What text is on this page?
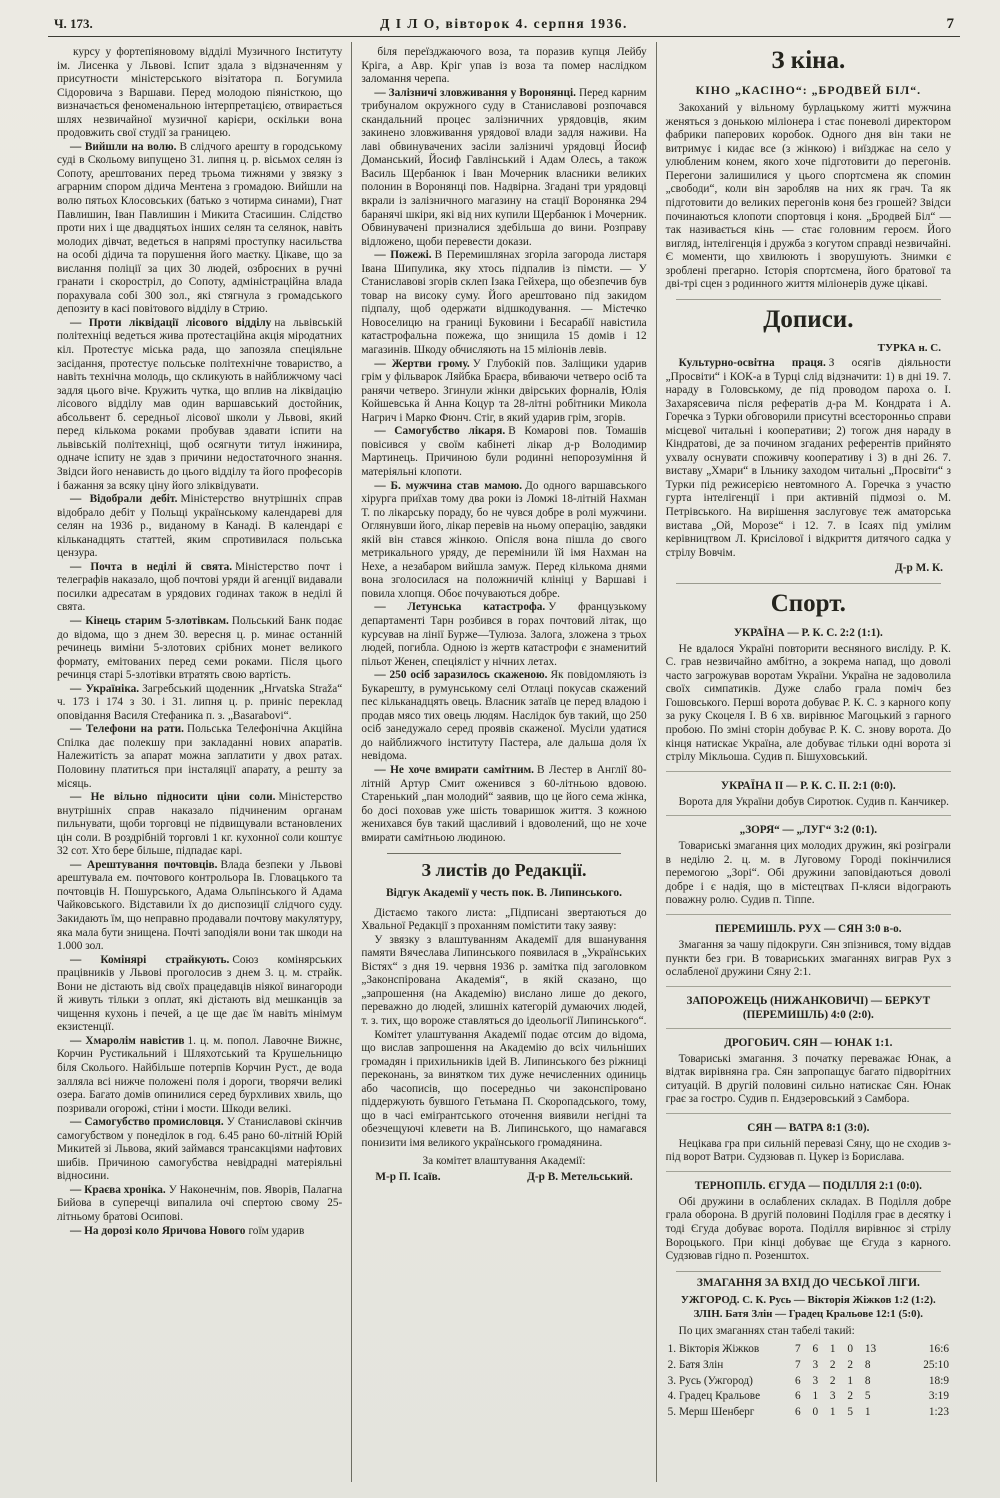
Ч. 173.	Д І Л О, вівторок 4. серпня 1936.	7

курсу у фортепіяновому відділі Музичного Інституту ім. Лисенка у Львові. Іспит здала з відзначенням у присутности міністерського візітатора п. Богумила Сідоровича з Варшави. Перед молодою піяністкою, що визначається феноменальною інтерпретацією, отвирається шлях незвичайної музичної карієри, оскільки вона продовжить свої студії за границею.

— Вийшли на волю. В слідчого арешту в городському суді в Скольому випущено 31. липня ц. р. вісьмох селян із Сопоту, арештованих перед трьома тижнями у звязку з аграрним спором дідича Ментена з громадою. Вийшли на волю пятьох Клосовських (батько з чотирма синами), Гнат Павлишин, Іван Павлишин і Микита Стасишин. Слідство проти них і ще двадцятьох інших селян та селянок, навіть молодих дівчат, ведеться в напрямі проступку насильства на особі дідича та порушення його маєтку. Цікаве, що за вислання поліції за цих 30 людей, озброєних в ручні гранати і скоростріл, до Сопоту, адміністраційна влада порахувала собі 300 зол., які стягнула з громадського депозиту в касі повітового відділу в Стрию.

— Проти ліквідації лісового відділу на львівській політехніці ведеться жива протестаційна акція міродатних кіл. Протестує міська рада, що запозяла спеціяльне засідання, протестує польське політехнічне товариство, а навіть технічна молодь, що скликують в найближчому часі задля цього віче. Кружить чутка, що вплив на ліквідацію лісового відділу мав один варшавський достойник, абсольвент б. середньої лісової школи у Львові, який перед кількома роками пробував здавати іспити на львівській політехніці, щоб осягнути титул інжинира, одначе іспиту не здав з причини недостаточного знання. Звідси його ненависть до цього відділу та його професорів і бажання за всяку ціну його зліквідувати.

— Відобрали дебіт. Міністерство внутрішніх справ відобрало дебіт у Польщі українському календареві для селян на 1936 р., виданому в Канаді. В календарі є кільканадцять статтей, яким спротивилася польська цензура.

— Почта в неділі й свята. Міністерство почт і телеграфів наказало, щоб почтові уряди й агенції видавали посилки адресатам в урядових годинах також в неділі й свята.

— Кінець старим 5-злотівкам. Польський Банк подає до відома, що з днем 30. вересня ц. р. минає останній речинець виміни 5-злотових срібних монет великого формату, емітованих перед семи роками. Після цього речинця старі 5-злотівки втратять свою вартість.

— Україніка. Загребський щоденник „Hrvatska Straža“ ч. 173 і 174 з 30. і 31. липня ц. р. приніс переклад оповідання Василя Стефаника п. з. „Basarabovi“.

— Телефони на рати. Польська Телефонічна Акційна Спілка дає полекшу при закладанні нових апаратів. Належитість за апарат можна заплатити у двох ратах. Половину платиться при інсталяції апарату, а решту за місяць.

— Не вільно підносити ціни соли. Міністерство внутрішніх справ наказало підчиненим органам пильнувати, щоби торговці не підвищували встановлених цін соли. В роздрібній торговлі 1 кг. кухонної соли коштує 32 сот. Хто бере більше, підпадає карі.

— Арештування почтовців. Влада безпеки у Львові арештувала ем. почтового контрольора Ів. Гловацького та почтовців Н. Пошурського, Адама Ольпінського й Адама Чайковського. Відставили їх до диспозиції слідчого суду. Закидають їм, що неправно продавали почтову макулятуру, яка мала бути знищена. Почті заподіяли вони так шкоди на 1.000 зол.

— Комінярі страйкують. Союз комінярських працівників у Львові проголосив з днем 3. ц. м. страйк. Вони не дістають від своїх працедавців ніякої винагороди й живуть тільки з оплат, які дістають від мешканців за чищення кухонь і печей, а це ще дає їм навіть мінімум екзистенції.

— Хмаролім навістив 1. ц. м. попол. Лавочне Вижнє, Корчин Рустикальний і Шляхотський та Крушельницю біля Сколього. Найбільше потерпів Корчин Руст., де вода залляла всі нижче положені поля і дороги, творячи великі озера. Багато домів опинилися серед бурхливих хвиль, що позривали огорожі, стіни і мости. Шкоди великі.

— Самогубство промисловця. У Станиславові скінчив самогубством у понеділок в год. 6.45 рано 60-літній Юрій Микитей зі Львова, який займався трансакціями нафтових шибів. Причиною самогубства невідрадні матеріяльні відносини.

— Краєва хроніка. У Наконечнім, пов. Яворів, Палагна Бийова в суперечці випалила очі спертою свому 25-літньому братові Осипові.

— На дорозі коло Яричова Нового гоїм ударив

біля переїзджаючого воза, та поразив купця Лейбу Кріга, а Авр. Кріг упав із воза та помер наслідком заломання черепа.

— Залізничі зловживання у Воронянці. Перед карним трибуналом окружного суду в Станиславові розпочався скандальний процес залізничних урядовців, яким закинено зловживання урядової влади задля наживи. На лаві обвинувачених засіли залізничі урядовці Йосиф Доманський, Йосиф Гавлінський і Адам Олесь, а також Василь Щербанюк і Іван Мочерник власники великих полонин в Воронянці пов. Надвірна. Згадані три урядовці вкрали із залізничного магазину на стації Воронянка 294 баранячі шкіри, які від них купили Щербанюк і Мочерник. Обвинувачені призналися здебільша до вини. Розправу відложено, щоби перевести докази.

— Пожежі. В Перемишлянах згоріла загорода листаря Івана Шипулика, яку хтось підпалив із пімсти. — У Станиславові згорів склеп Ізака Гейхера, що обезпечив був товар на високу суму. Його арештовано під закидом підпалу, щоб одержати відшкодування. — Містечко Новоселицю на границі Буковини і Бесарабії навістила катастрофальна пожежа, що знищила 15 домів і 12 магазинів. Шкоду обчисляють на 15 міліонів левів.

— Жертви грому. У Глубокій пов. Заліщики ударив грім у фільварок Ляйбка Браєра, вбиваючи четверо осіб та ранячи четверо. Згинули жінки двірських форналів, Юлія Койшевська й Анна Коцур та 28-літні робітники Микола Нагрич і Марко Фюнч. Стіг, в який ударив грім, згорів.

— Самогубство лікаря. В Комарові пов. Томашів повісився у своїм кабінеті лікар д-р Володимир Мартинець. Причиною були родинні непорозуміння й матеріяльні клопоти.

— Б. мужчина став мамою. До одного варшавського хірурга приїхав тому два роки із Ломжі 18-літній Нахман Т. по лікарську пораду, бо не чувся добре в ролі мужчини. Оглянувши його, лікар перевів на ньому операцію, завдяки якій він стався жінкою. Опісля вона пішла до свого метрикального уряду, де перемінили їй імя Нахман на Нехе, а незабаром вийшла замуж. Перед кількома днями вона зголосилася на положничій клініці у Варшаві і повила хлопця. Обоє почуваються добре.

— Летунська катастрофа. У французькому департаменті Тарн розбився в горах почтовий літак, що курсував на лінії Бурже—Тулюза. Залога, зложена з трьох людей, погибла. Одною із жертв катастрофи є знаменитий пільот Женен, спеціяліст у нічних летах.

— 250 осіб заразилось скаженою. Як повідомляють із Букарешту, в румунському селі Отлаці покусав скажений пес кільканадцять овець. Власник затаїв це перед владою і продав мясо тих овець людям. Наслідок був такий, що 250 осіб занедужало серед проявів скаженої. Мусіли удатися до найближчого інституту Пастера, але дальша доля їх невідома.

— Не хоче вмирати самітним. В Лестер в Англії 80-літній Артур Смит оженився з 60-літньою вдовою. Старенький „пан молодий“ заявив, що це його сема жінка, бо досі поховав уже шість товаришок життя. З кожною женихався був такий щасливий і вдоволений, що не хоче вмирати самітньою людиною.

З листів до Редакції.
Відгук Академії у честь пок. В. Липинського.

Дістаємо такого листа: „Підписані звертаються до Хвальної Редакції з проханням помістити таку заяву:

У звязку з влаштуванням Академії для вшанування памяти Вячеслава Липинського появилася в „Українських Вістях“ з дня 19. червня 1936 р. замітка під заголовком „Законспірована Академія“, в якій сказано, що „запрошення (на Академію) вислано лише до декого, переважно до людей, злишніх категорій думаючих людей, т. з. тих, що вороже ставляться до ідеольогії Липинського“.

Комітет улаштування Академії подає отсим до відома, що вислав запрошення на Академію до всіх чильніших громадян і прихильників ідей В. Липинського без ріжниці переконань, за винятком тих дуже нечисленних одиниць або часописів, що посередньо чи законспіровано піддержують бувшого Гетьмана П. Скоропадського, тому, що в часі еміґрантського оточення виявили негідні та обезчещуючі клевети на В. Липинського, що намагався понизити імя великого українського громадянина.

За комітет влаштування Академії:

М-р П. Ісаїв.	Д-р В. Метельський.
З кіна.
КІНО „КАСІНО“: „БРОДВЕЙ БІЛ“.

Закоханий у вільному бурлацькому житті мужчина женяться з донькою міліонера і стає поневолі директором фабрики паперових коробок. Одного дня він таки не витримує і кидає все (з жінкою) і виїзджає на село у улюбленим конем, якого хоче підготовити до перегонів. Перегони залишилися у цього спортсмена як спомин „свободи“, коли він заробляв на них як грач. Та як підготовити до великих перегонів коня без грошей? Звідси починаються клопоти спортовця і коня. „Бродвей Біл“ — так називається кінь — стає головним героєм. Його вигляд, інтелігенція і дружба з когутом справді незвичайні. Є моменти, що хвилюють і зворушують. Знимки є зроблені прегарно. Історія спортсмена, його братової та дві-трі сцен з родинного життя міліонерів дуже цікаві.

Дописи.

ТУРКА н. С.

Культурно-освітна праця. З осягів діяльности „Просвіти“ і КОК-а в Турці слід відзначити: 1) в дні 19. 7. нараду в Головському, де під проводом пароха о. І. Захарясевича після рефератів д-ра М. Кондрата і А. Горечка з Турки обговорили присутні всесторонньо справи місцевої читальні і кооперативи; 2) тогож дня нараду в Кіндратові, де за почином згаданих референтів прийнято ухвалу оснувати споживчу кооперативу і 3) в дні 26. 7. виставу „Хмари“ в Ільнику заходом читальні „Просвіти“ з Турки під режисерією невтомного А. Горечка з участю гурта інтелігенції і при активній підмозі о. М. Петрівського. На вирішення заслуговує теж аматорська вистава „Ой, Морозе“ і 12. 7. в Ісаях під умілим керівництвом Л. Крисілової і відкриття дитячого садка у стрілу Вовчім.

Д-р М. К.

Спорт.
УКРАЇНА — Р. К. С. 2:2 (1:1).

Не вдалося Україні повторити весняного висліду. Р. К. С. грав незвичайно амбітно, а зокрема напад, що доволі часто загрожував воротам України. Україна не задоволила своїх симпатиків. Дуже слабо грала поміч без Гошовського. Перші ворота добуває Р. К. С. з карного копу за руку Скоцеля І. В 6 хв. вирівнює Магоцький з гарного пробою. По зміні сторін добуває Р. К. С. знову ворота. До кінця натискає Україна, але добуває тільки одні ворота зі стрілу Мікльоша. Судив п. Бішуховський.

УКРАЇНА II — Р. К. С. II. 2:1 (0:0).

Ворота для України добув Сиротюк. Судив п. Канчикер.

„ЗОРЯ“ — „ЛУГ“ 3:2 (0:1).

Товариські змагання цих молодих дружин, які розіграли в неділю 2. ц. м. в Луговому Городі покінчилися перемогою „Зорі“. Обі дружини заповідаються доволі добре і є надія, що в містецтвах П-кляси відограють поважну ролю. Судив п. Тіппе.

ПЕРЕМИШЛЬ. РУХ — СЯН 3:0 в-о.

Змагання за чашу підокруги. Сян зпізнився, тому віддав пункти без гри. В товариських змаганнях виграв Рух з ослабленої дружини Сяну 2:1.

ЗАПОРОЖЕЦЬ (НИЖАНКОВИЧІ) — БЕРКУТ (ПЕРЕМИШЛЬ) 4:0 (2:0).

ДРОГОБИЧ. СЯН — ЮНАК 1:1.

Товариські змагання. З початку переважає Юнак, а відтак вирівняна гра. Сян запропащує багато підворітних ситуацій. В другій половині сильно натискає Сян. Юнак грає за гостро. Судив п. Ендзеровський з Самбора.

СЯН — ВАТРА 8:1 (3:0).

Нецікава гра при сильній перевазі Сяну, що не сходив з-під ворот Ватри. Судзював п. Цукер із Борислава.

ТЕРНОПІЛЬ. ЄГУДА — ПОДІЛЛЯ 2:1 (0:0).

Обі дружини в ослаблених складах. В Поділля добре грала оборона. В другій половині Поділля грає в десятку і тоді Єгуда добуває ворота. Поділля вирівнює зі стрілу Вороцького. При кінці добуває ще Єгуда з карного. Судзював гідно п. Розенштох.

ЗМАГАННЯ ЗА ВХІД ДО ЧЕСЬКОЇ ЛІГИ.

УЖГОРОД. С. К. Русь — Вікторія Жіжков 1:2 (1:2).

ЗЛІН. Батя Злін — Градец Кральове 12:1 (5:0).

По цих змаганнях стан табелі такий:

1. Вікторія Жіжков	7 6 1 0 13	16:6
2. Батя Злін	7 3 2 2 8	25:10
3. Русь (Ужгород)	6 3 2 1 8	18:9
4. Градец Кральове	6 1 3 2 5	3:19
5. Мерш Шенберг	6 0 1 5 1	1:23
